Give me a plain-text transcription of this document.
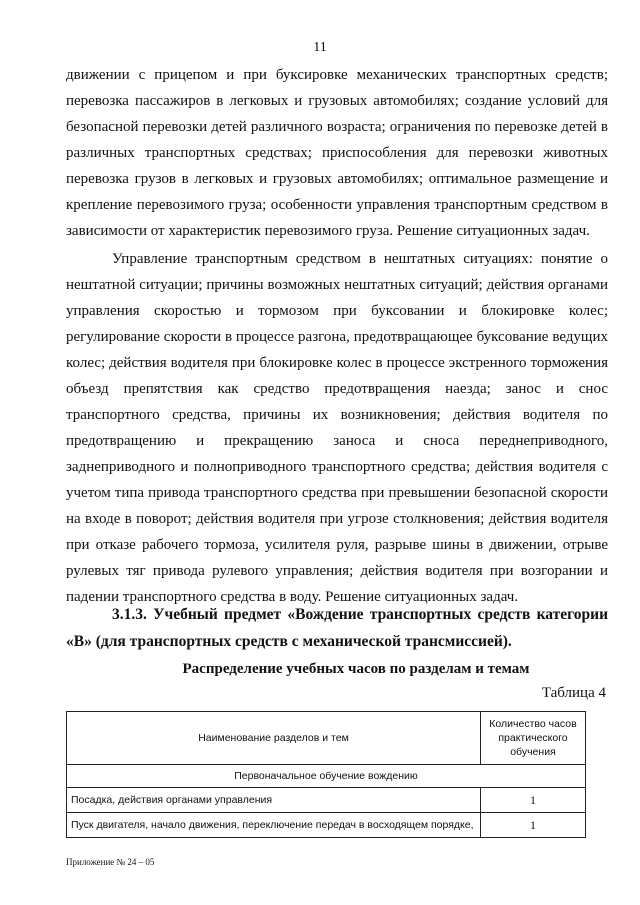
11

движении с прицепом и при буксировке механических транспортных средств; перевозка пассажиров в легковых и грузовых автомобилях; создание условий для безопасной перевозки детей различного возраста; ограничения по перевозке детей в различных транспортных средствах; приспособления для перевозки животных перевозка грузов в легковых и грузовых автомобилях; оптимальное размещение и крепление перевозимого груза; особенности управления транспортным средством в зависимости от характеристик перевозимого груза. Решение ситуационных задач.

Управление транспортным средством в нештатных ситуациях: понятие о нештатной ситуации; причины возможных нештатных ситуаций; действия органами управления скоростью и тормозом при буксовании и блокировке колес; регулирование скорости в процессе разгона, предотвращающее буксование ведущих колес; действия водителя при блокировке колес в процессе экстренного торможения объезд препятствия как средство предотвращения наезда; занос и снос транспортного средства, причины их возникновения; действия водителя по предотвращению и прекращению заноса и сноса переднеприводного, заднеприводного и полноприводного транспортного средства; действия водителя с учетом типа привода транспортного средства при превышении безопасной скорости на входе в поворот; действия водителя при угрозе столкновения; действия водителя при отказе рабочего тормоза, усилителя руля, разрыве шины в движении, отрыве рулевых тяг привода рулевого управления; действия водителя при возгорании и падении транспортного средства в воду. Решение ситуационных задач.

3.1.3. Учебный предмет «Вождение транспортных средств категории «В» (для транспортных средств с механической трансмиссией).
Распределение учебных часов по разделам и темам
Таблица 4
Наименование разделов и тем	Количество часов практического обучения
Первоначальное обучение вождению	
Посадка, действия органами управления	1
Пуск двигателя, начало движения, переключение передач в восходящем порядке,	1
Приложение № 24 – 05
